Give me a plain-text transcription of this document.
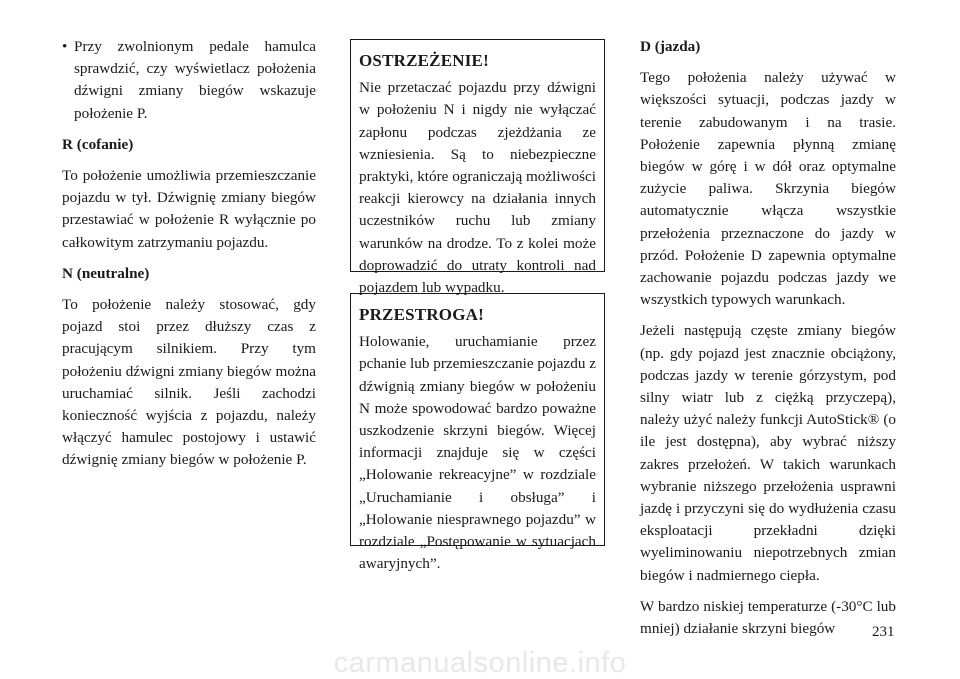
• Przy zwolnionym pedale hamulca sprawdzić, czy wyświetlacz położenia dźwigni zmiany biegów wskazuje położenie P.

R (cofanie)

To położenie umożliwia przemieszczanie pojazdu w tył. Dźwignię zmiany biegów przestawiać w położenie R wyłącznie po całkowitym zatrzymaniu pojazdu.

N (neutralne)

To położenie należy stosować, gdy pojazd stoi przez dłuższy czas z pracującym silnikiem. Przy tym położeniu dźwigni zmiany biegów można uruchamiać silnik. Jeśli zachodzi konieczność wyjścia z pojazdu, należy włączyć hamulec postojowy i ustawić dźwignię zmiany biegów w położenie P.

OSTRZEŻENIE!

Nie przetaczać pojazdu przy dźwigni w położeniu N i nigdy nie wyłączać zapłonu podczas zjeżdżania ze wzniesienia. Są to niebezpieczne praktyki, które ograniczają możliwości reakcji kierowcy na działania innych uczestników ruchu lub zmiany warunków na drodze. To z kolei może doprowadzić do utraty kontroli nad pojazdem lub wypadku.

PRZESTROGA!

Holowanie, uruchamianie przez pchanie lub przemieszczanie pojazdu z dźwignią zmiany biegów w położeniu N może spowodować bardzo poważne uszkodzenie skrzyni biegów. Więcej informacji znajduje się w części „Holowanie rekreacyjne” w rozdziale „Uruchamianie i obsługa” i „Holowanie niesprawnego pojazdu” w rozdziale „Postępowanie w sytuacjach awaryjnych”.

D (jazda)

Tego położenia należy używać w większości sytuacji, podczas jazdy w terenie zabudowanym i na trasie. Położenie zapewnia płynną zmianę biegów w górę i w dół oraz optymalne zużycie paliwa. Skrzynia biegów automatycznie włącza wszystkie przełożenia przeznaczone do jazdy w przód. Położenie D zapewnia optymalne zachowanie pojazdu podczas jazdy we wszystkich typowych warunkach.

Jeżeli następują częste zmiany biegów (np. gdy pojazd jest znacznie obciążony, podczas jazdy w terenie górzystym, pod silny wiatr lub z ciężką przyczepą), należy użyć należy funkcji AutoStick® (o ile jest dostępna), aby wybrać niższy zakres przełożeń. W takich warunkach wybranie niższego przełożenia usprawni jazdę i przyczyni się do wydłużenia czasu eksploatacji przekładni dzięki wyeliminowaniu niepotrzebnych zmian biegów i nadmiernego ciepła.

W bardzo niskiej temperaturze (-30°C lub mniej) działanie skrzyni biegów	231
carmanualsonline.info
